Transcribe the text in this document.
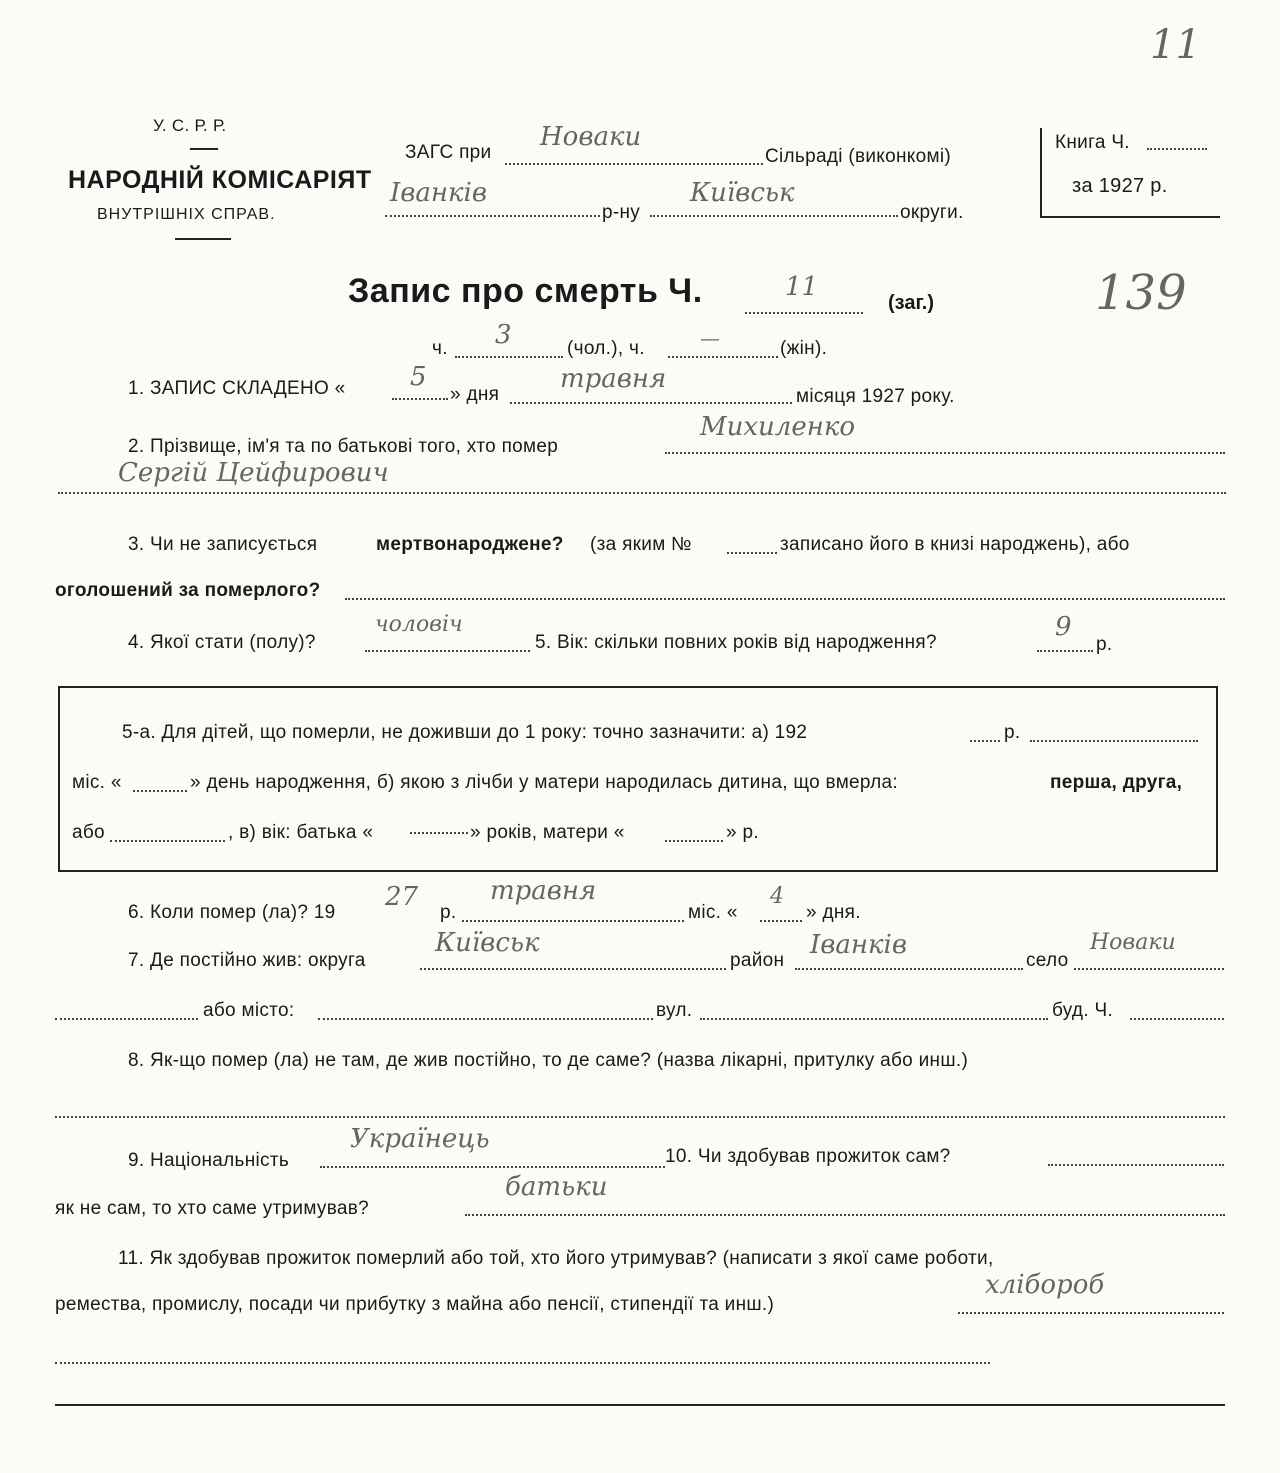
11
У. С. Р. Р.
НАРОДНІЙ КОМІСАРІЯТ
ВНУТРІШНІХ СПРАВ.
ЗАГС при
Новаки
Сільраді (виконкомі)
Іванків
р-ну
Київськ
округи.
Книга Ч.
за 1927 р.
Запис про смерть Ч.	11
(заг.)	139
ч. 3	(чол.), ч.	—	(жін).
1. ЗАПИС СКЛАДЕНО « 5
» дня
травня
місяця 1927 року.
2. Прізвище, ім'я та по батькові того, хто помер
Михиленко
Сергій Цейфирович
3. Чи не записується	мертвонароджене? (за яким №	записано його в книзі народжень), або
оголошений за померлого?
4. Якої стати (полу)?
чоловіч
5. Вік: скільки повних років від народження?
9
р.
5-а. Для дітей, що померли, не доживши до 1 року: точно зазначити: а) 192	р.
міс. «	» день народження, б) якою з лічби у матери народилась дитина, що вмерла:	перша, друга,
або	, в) вік: батька «	» років, матери «	» р.
6. Коли помер (ла)? 19
27
р.
травня
міс. «
4
» дня.
7. Де постійно жив: округа
Київськ
район
Іванків
село
Новаки
або місто:	вул.	буд. Ч.
8. Як-що помер (ла) не там, де жив постійно, то де саме? (назва лікарні, притулку або инш.)
9. Національність
Українець
10. Чи здобував прожиток сам?
як не сам, то хто саме утримував?
батьки
11. Як здобував прожиток померлий або той, хто його утримував? (написати з якої саме роботи,
ремества, промислу, посади чи прибутку з майна або пенсії, стипендії та инш.)
хлібороб
